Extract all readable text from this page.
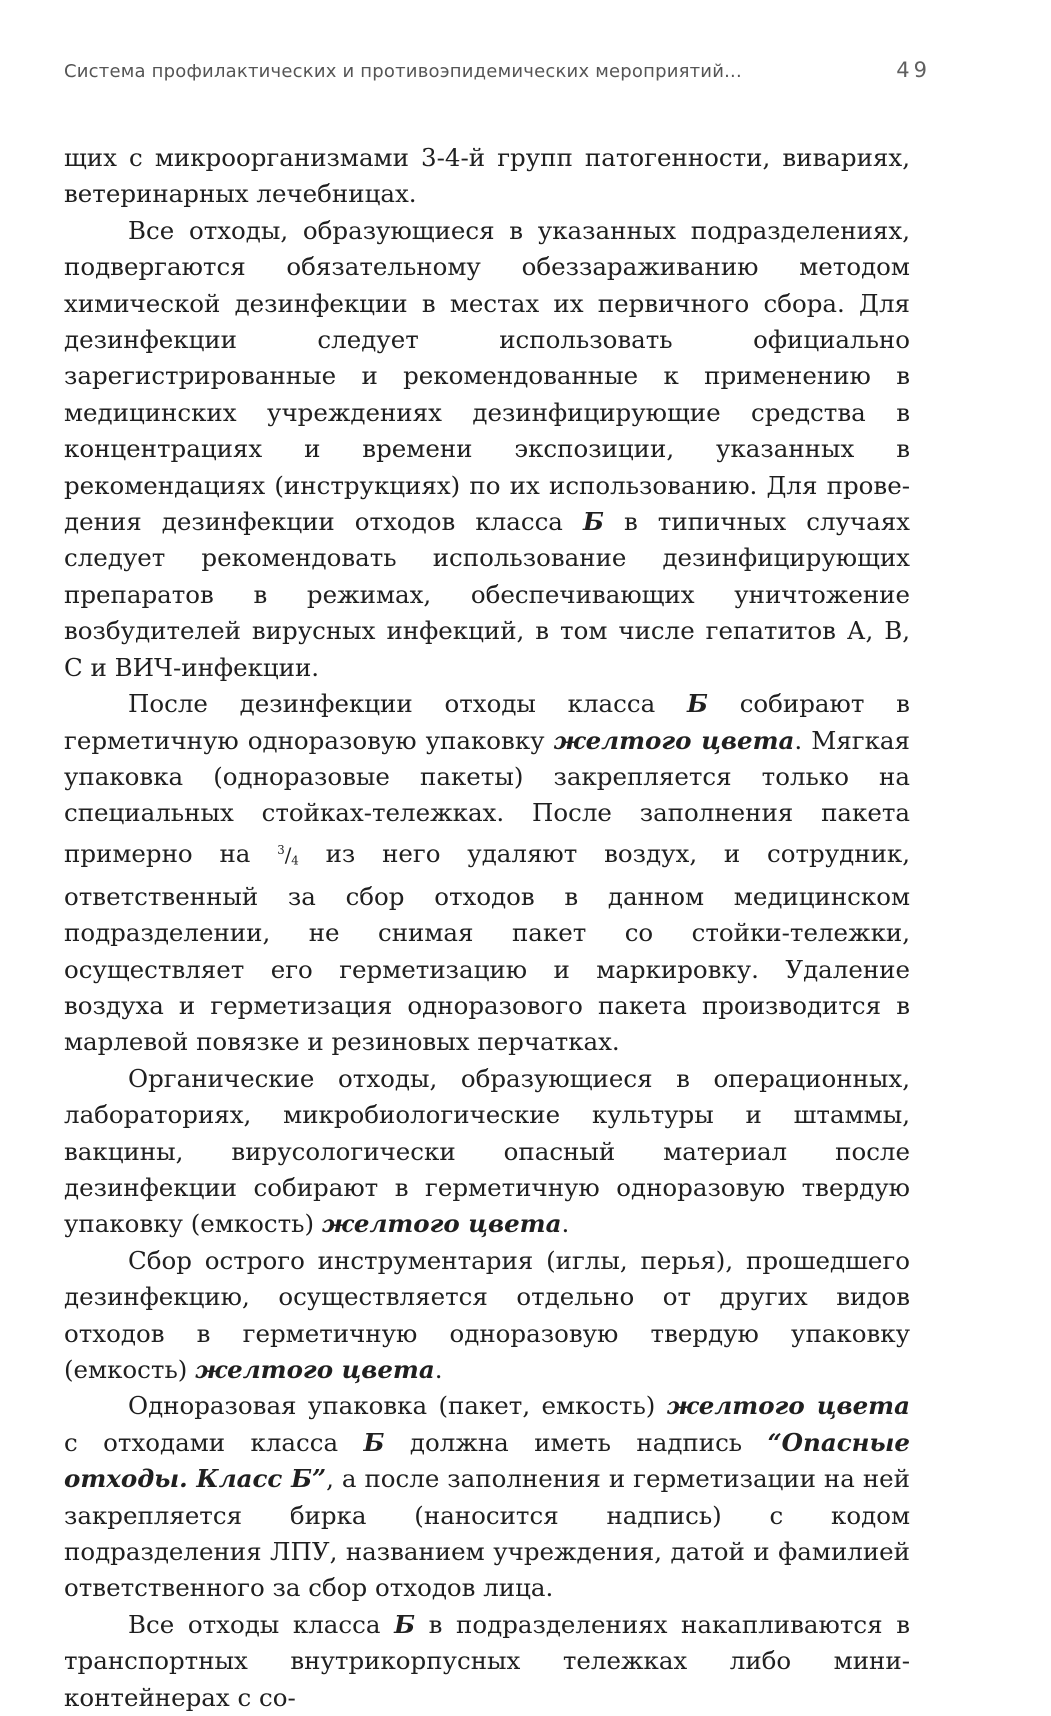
Система профилактических и противоэпидемических мероприятий...	49

щих с микроорганизмами 3-4-й групп патогенности, вивариях, ветеринарных лечебницах.

Все отходы, образующиеся в указанных подразделениях, подвергаются обязательному обеззараживанию методом химической дезинфекции в местах их первичного сбора. Для дезинфекции следует использовать официально зарегистрированные и рекомендованные к применению в медицинских учреждениях дезинфицирующие средства в концентрациях и времени экспозиции, указанных в рекомендациях (инструкциях) по их использованию. Для проведения дезинфекции отходов класса Б в типичных случаях следует рекомендовать использование дезинфицирующих препаратов в режимах, обеспечивающих уничтожение возбудителей вирусных инфекций, в том числе гепатитов А, В, С и ВИЧ-инфекции.

После дезинфекции отходы класса Б собирают в герметичную одноразовую упаковку желтого цвета. Мягкая упаковка (одноразовые пакеты) закрепляется только на специальных стойках-тележках. После заполнения пакета примерно на $^3/_4$ из него удаляют воздух, и сотрудник, ответственный за сбор отходов в данном медицинском подразделении, не снимая пакет со стойки-тележки, осуществляет его герметизацию и маркировку. Удаление воздуха и герметизация одноразового пакета производится в марлевой повязке и резиновых перчатках.

Органические отходы, образующиеся в операционных, лабораториях, микробиологические культуры и штаммы, вакцины, вирусологически опасный материал после дезинфекции собирают в герметичную одноразовую твердую упаковку (емкость) желтого цвета.

Сбор острого инструментария (иглы, перья), прошедшего дезинфекцию, осуществляется отдельно от других видов отходов в герметичную одноразовую твердую упаковку (емкость) желтого цвета.

Одноразовая упаковка (пакет, емкость) желтого цвета с отходами класса Б должна иметь надпись “Опасные отходы. Класс Б”, а после заполнения и герметизации на ней закрепляется бирка (наносится надпись) с кодом подразделения ЛПУ, названием учреждения, датой и фамилией ответственного за сбор отходов лица.

Все отходы класса Б в подразделениях накапливаются в транспортных внутрикорпусных тележках либо мини-контейнерах с со-
